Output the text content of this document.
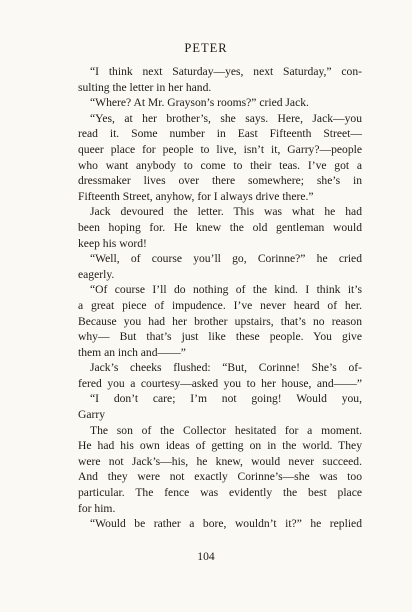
PETER
“I think next Saturday—yes, next Saturday,” con-
sulting the letter in her hand.
“Where? At Mr. Grayson’s rooms?” cried Jack.
“Yes, at her brother’s, she says. Here, Jack—you
read it. Some number in East Fifteenth Street—
queer place for people to live, isn’t it, Garry?—people
who want anybody to come to their teas. I’ve got a
dressmaker lives over there somewhere; she’s in
Fifteenth Street, anyhow, for I always drive there.”
Jack devoured the letter. This was what he had
been hoping for. He knew the old gentleman would
keep his word!
“Well, of course you’ll go, Corinne?” he cried
eagerly.
“Of course I’ll do nothing of the kind. I think it’s
a great piece of impudence. I’ve never heard of her.
Because you had her brother upstairs, that’s no reason
why— But that’s just like these people. You give
them an inch and——”
Jack’s cheeks flushed: “But, Corinne! She’s of-
fered you a courtesy—asked you to her house, and——”
“I don’t care; I’m not going! Would you,
Garry
The son of the Collector hesitated for a moment.
He had his own ideas of getting on in the world. They
were not Jack’s—his, he knew, would never succeed.
And they were not exactly Corinne’s—she was too
particular. The fence was evidently the best place
for him.
“Would be rather a bore, wouldn’t it?” he replied
104
